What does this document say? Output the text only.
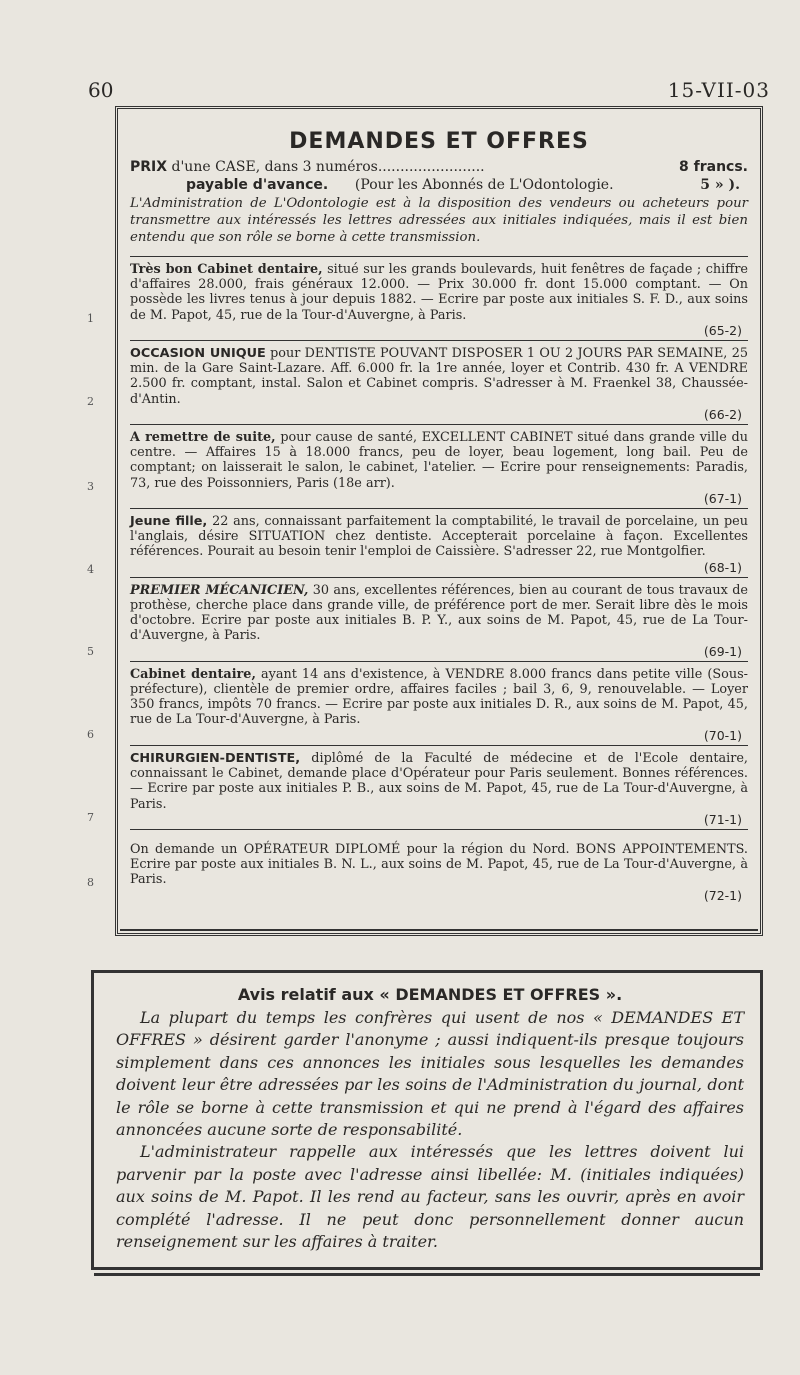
60	15-VII-03
1
2
3
4
5
6
7
8
DEMANDES ET OFFRES
PRIX d'une CASE, dans 3 numéros........................	8 francs.
payable d'avance. (Pour les Abonnés de L'Odontologie.	5 » ).
L'Administration de L'Odontologie est à la disposition des vendeurs ou acheteurs pour transmettre aux intéressés les lettres adressées aux initiales indiquées, mais il est bien entendu que son rôle se borne à cette transmission.
Très bon Cabinet dentaire, situé sur les grands boulevards, huit fenêtres de façade ; chiffre d'affaires 28.000, frais généraux 12.000. — Prix 30.000 fr. dont 15.000 comptant. — On possède les livres tenus à jour depuis 1882. — Ecrire par poste aux initiales S. F. D., aux soins de M. Papot, 45, rue de la Tour-d'Auvergne, à Paris.
(65-2)
OCCASION UNIQUE pour DENTISTE POUVANT DISPOSER 1 OU 2 JOURS PAR SEMAINE, 25 min. de la Gare Saint-Lazare. Aff. 6.000 fr. la 1re année, loyer et Contrib. 430 fr. A VENDRE 2.500 fr. comptant, instal. Salon et Cabinet compris. S'adresser à M. Fraenkel 38, Chaussée-d'Antin.
(66-2)
A remettre de suite, pour cause de santé, EXCELLENT CABINET situé dans grande ville du centre. — Affaires 15 à 18.000 francs, peu de loyer, beau logement, long bail. Peu de comptant; on laisserait le salon, le cabinet, l'atelier. — Ecrire pour renseignements: Paradis, 73, rue des Poissonniers, Paris (18e arr).
(67-1)
Jeune fille, 22 ans, connaissant parfaitement la comptabilité, le travail de porcelaine, un peu l'anglais, désire SITUATION chez dentiste. Accepterait porcelaine à façon. Excellentes références. Pourait au besoin tenir l'emploi de Caissière. S'adresser 22, rue Montgolfier.
(68-1)
PREMIER MÉCANICIEN, 30 ans, excellentes références, bien au courant de tous travaux de prothèse, cherche place dans grande ville, de préférence port de mer. Serait libre dès le mois d'octobre. Ecrire par poste aux initiales B. P. Y., aux soins de M. Papot, 45, rue de La Tour-d'Auvergne, à Paris.
(69-1)
Cabinet dentaire, ayant 14 ans d'existence, à VENDRE 8.000 francs dans petite ville (Sous-préfecture), clientèle de premier ordre, affaires faciles ; bail 3, 6, 9, renouvelable. — Loyer 350 francs, impôts 70 francs. — Ecrire par poste aux initiales D. R., aux soins de M. Papot, 45, rue de La Tour-d'Auvergne, à Paris.
(70-1)
CHIRURGIEN-DENTISTE, diplômé de la Faculté de médecine et de l'Ecole dentaire, connaissant le Cabinet, demande place d'Opérateur pour Paris seulement. Bonnes références. — Ecrire par poste aux initiales P. B., aux soins de M. Papot, 45, rue de La Tour-d'Auvergne, à Paris.
(71-1)
On demande un OPÉRATEUR DIPLOMÉ pour la région du Nord. BONS APPOINTEMENTS. Ecrire par poste aux initiales B. N. L., aux soins de M. Papot, 45, rue de La Tour-d'Auvergne, à Paris.
(72-1)
Avis relatif aux « DEMANDES ET OFFRES ».

La plupart du temps les confrères qui usent de nos « DEMANDES ET OFFRES » désirent garder l'anonyme ; aussi indiquent-ils presque toujours simplement dans ces annonces les initiales sous lesquelles les demandes doivent leur être adressées par les soins de l'Administration du journal, dont le rôle se borne à cette transmission et qui ne prend à l'égard des affaires annoncées aucune sorte de responsabilité.

L'administrateur rappelle aux intéressés que les lettres doivent lui parvenir par la poste avec l'adresse ainsi libellée: M. (initiales indiquées) aux soins de M. Papot. Il les rend au facteur, sans les ouvrir, après en avoir complété l'adresse. Il ne peut donc personnellement donner aucun renseignement sur les affaires à traiter.
